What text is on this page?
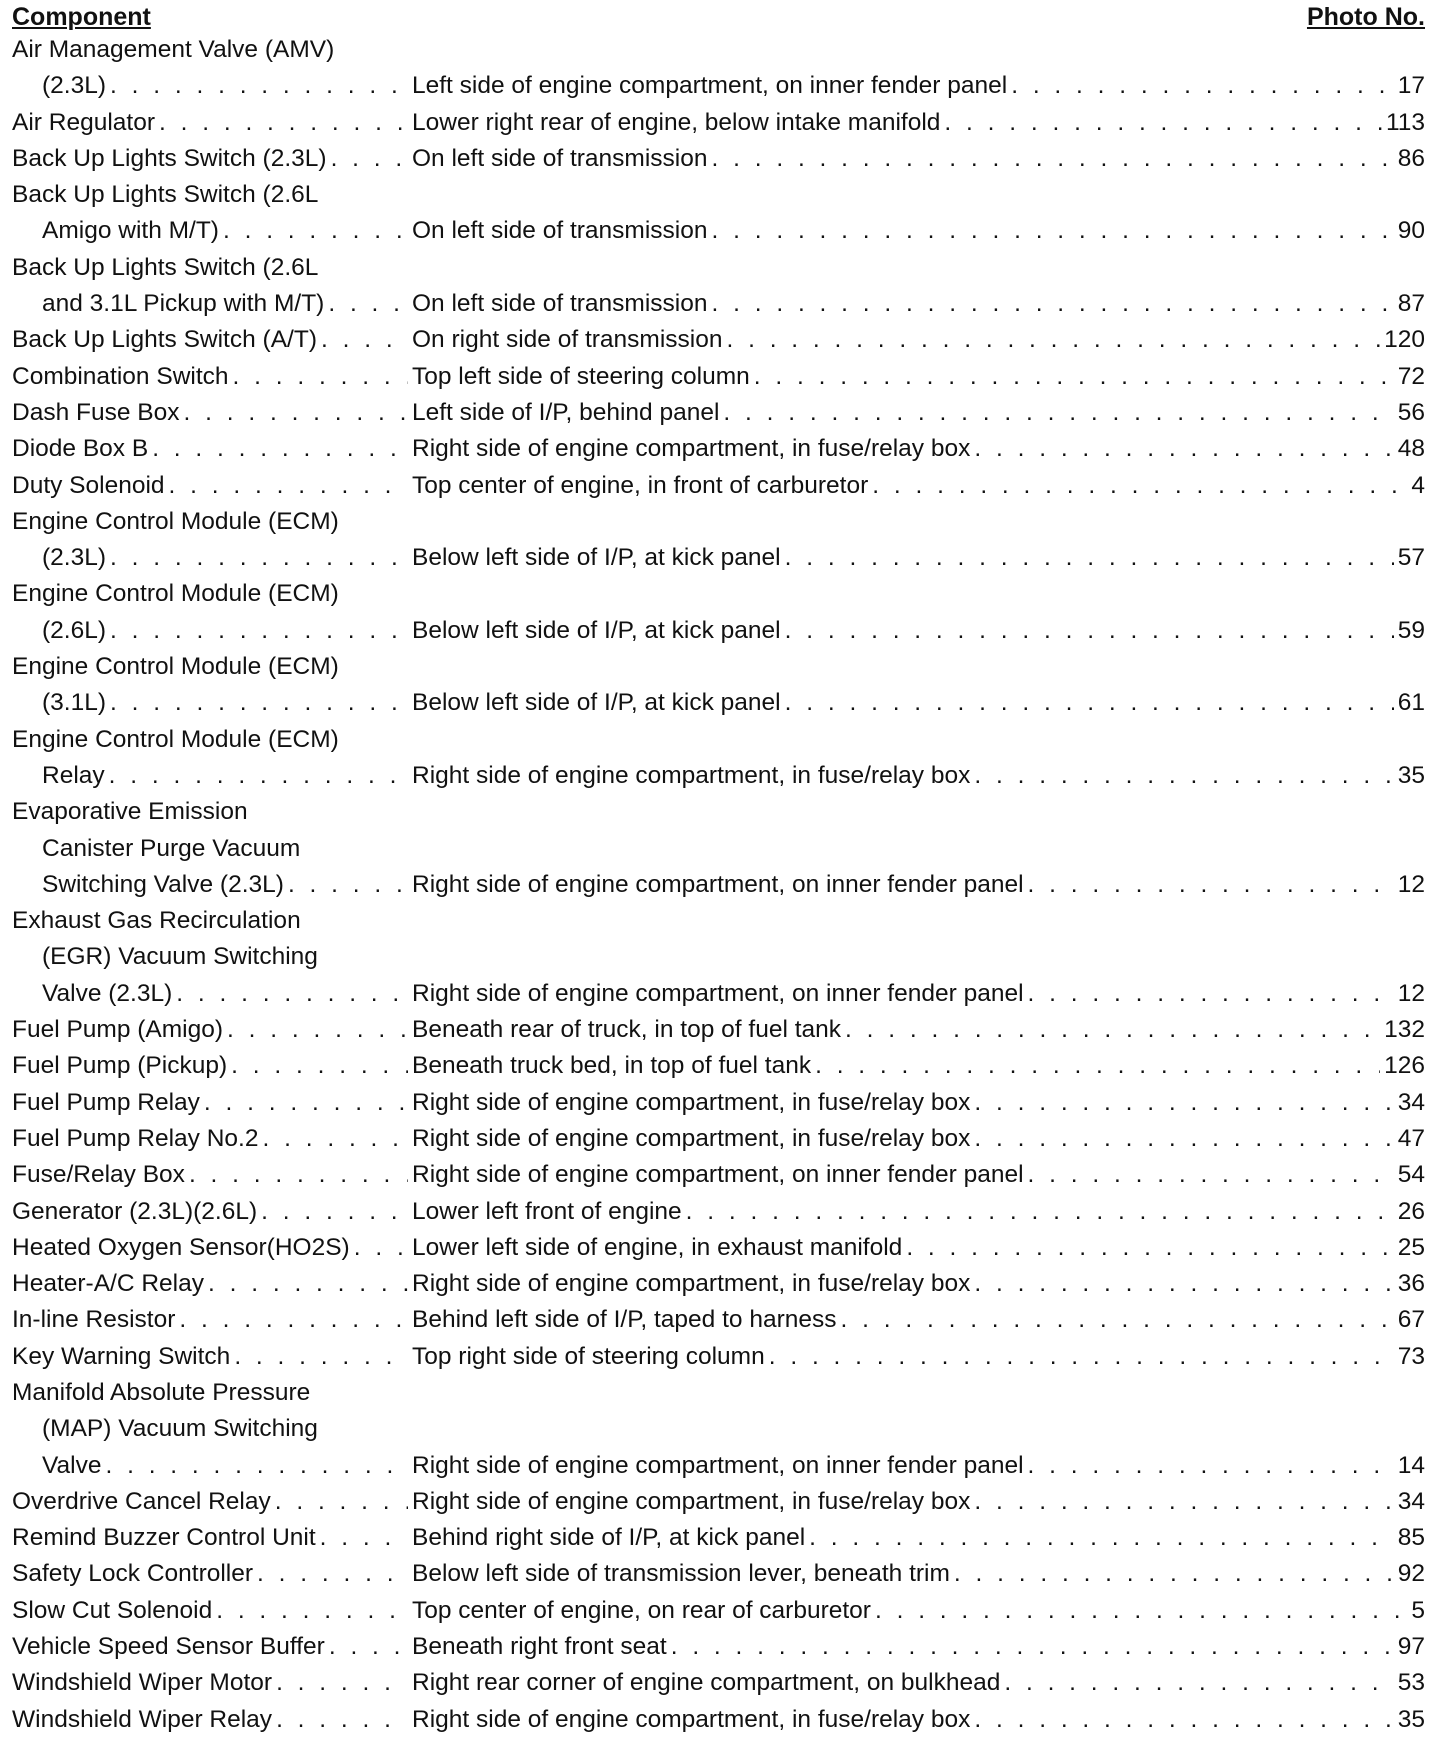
Component	Photo No.
Air Management Valve (AMV)
(2.3L) . . .	Left side of engine compartment, on inner fender panel . . .	17
Air Regulator . . .	Lower right rear of engine, below intake manifold . . .	113
Back Up Lights Switch (2.3L) . . .	On left side of transmission . . .	86
Back Up Lights Switch (2.6L
Amigo with M/T) . . .	On left side of transmission . . .	90
Back Up Lights Switch (2.6L
and 3.1L Pickup with M/T) . . .	On left side of transmission . . .	87
Back Up Lights Switch (A/T) . . .	On right side of transmission . . .	120
Combination Switch . . .	Top left side of steering column . . .	72
Dash Fuse Box . . .	Left side of I/P, behind panel . . .	56
Diode Box B . . .	Right side of engine compartment, in fuse/relay box . . .	48
Duty Solenoid . . .	Top center of engine, in front of carburetor . . .	4
Engine Control Module (ECM)
(2.3L) . . .	Below left side of I/P, at kick panel . . .	57
Engine Control Module (ECM)
(2.6L) . . .	Below left side of I/P, at kick panel . . .	59
Engine Control Module (ECM)
(3.1L) . . .	Below left side of I/P, at kick panel . . .	61
Engine Control Module (ECM)
Relay . . .	Right side of engine compartment, in fuse/relay box . . .	35
Evaporative Emission
Canister Purge Vacuum
Switching Valve (2.3L) . . .	Right side of engine compartment, on inner fender panel . . .	12
Exhaust Gas Recirculation
(EGR) Vacuum Switching
Valve (2.3L) . . .	Right side of engine compartment, on inner fender panel . . .	12
Fuel Pump (Amigo) . . .	Beneath rear of truck, in top of fuel tank . . .	132
Fuel Pump (Pickup) . . .	Beneath truck bed, in top of fuel tank . . .	126
Fuel Pump Relay . . .	Right side of engine compartment, in fuse/relay box . . .	34
Fuel Pump Relay No.2 . . .	Right side of engine compartment, in fuse/relay box . . .	47
Fuse/Relay Box . . .	Right side of engine compartment, on inner fender panel . . .	54
Generator (2.3L)(2.6L) . . .	Lower left front of engine . . .	26
Heated Oxygen Sensor(HO2S) . . .	Lower left side of engine, in exhaust manifold . . .	25
Heater-A/C Relay . . .	Right side of engine compartment, in fuse/relay box . . .	36
In-line Resistor . . .	Behind left side of I/P, taped to harness . . .	67
Key Warning Switch . . .	Top right side of steering column . . .	73
Manifold Absolute Pressure
(MAP) Vacuum Switching
Valve . . .	Right side of engine compartment, on inner fender panel . . .	14
Overdrive Cancel Relay . . .	Right side of engine compartment, in fuse/relay box . . .	34
Remind Buzzer Control Unit . . .	Behind right side of I/P, at kick panel . . .	85
Safety Lock Controller . . .	Below left side of transmission lever, beneath trim . . .	92
Slow Cut Solenoid . . .	Top center of engine, on rear of carburetor . . .	5
Vehicle Speed Sensor Buffer . . .	Beneath right front seat . . .	97
Windshield Wiper Motor . . .	Right rear corner of engine compartment, on bulkhead . . .	53
Windshield Wiper Relay . . .	Right side of engine compartment, in fuse/relay box . . .	35
